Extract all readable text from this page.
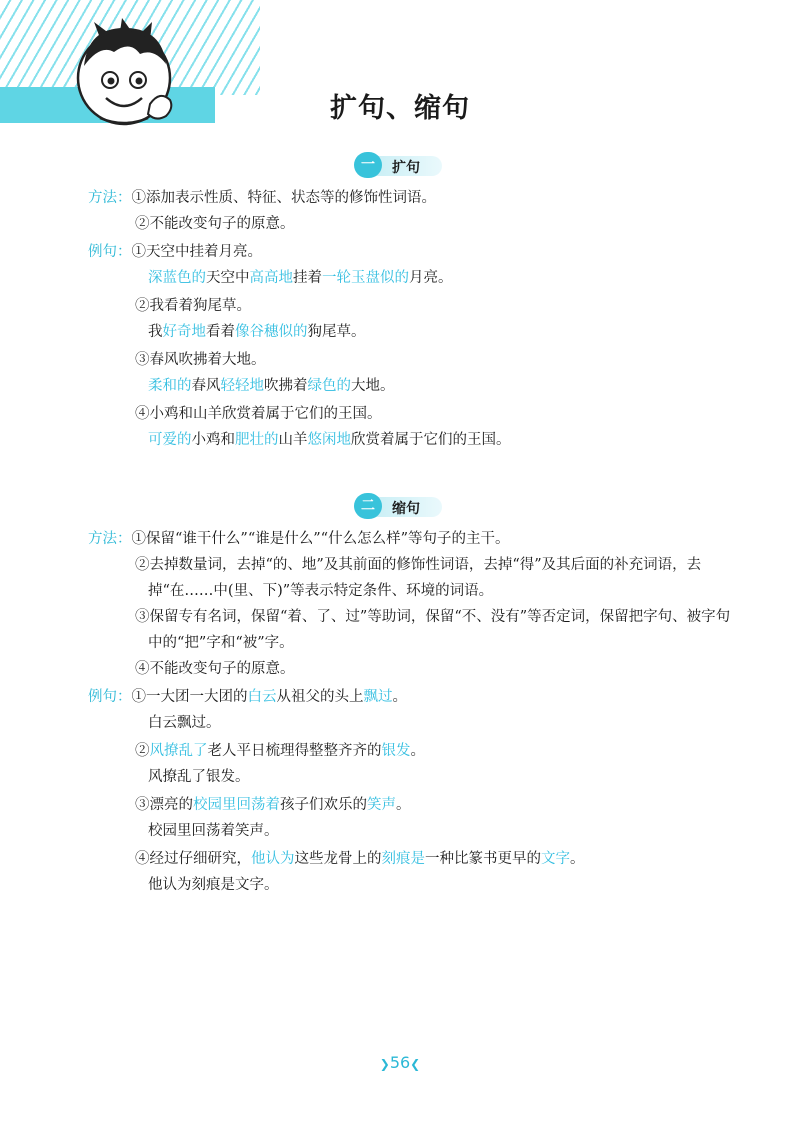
扩句、缩句
一	扩句
方法：①添加表示性质、特征、状态等的修饰性词语。
②不能改变句子的原意。
例句：①天空中挂着月亮。
深蓝色的天空中高高地挂着一轮玉盘似的月亮。
②我看着狗尾草。
我好奇地看着像谷穗似的狗尾草。
③春风吹拂着大地。
柔和的春风轻轻地吹拂着绿色的大地。
④小鸡和山羊欣赏着属于它们的王国。
可爱的小鸡和肥壮的山羊悠闲地欣赏着属于它们的王国。
二	缩句
方法：①保留“谁干什么”“谁是什么”“什么怎么样”等句子的主干。
②去掉数量词，去掉“的、地”及其前面的修饰性词语，去掉“得”及其后面的补充词语，去
掉“在……中(里、下)”等表示特定条件、环境的词语。
③保留专有名词，保留“着、了、过”等助词，保留“不、没有”等否定词，保留把字句、被字句
中的“把”字和“被”字。
④不能改变句子的原意。
例句：①一大团一大团的白云从祖父的头上飘过。
白云飘过。
②风撩乱了老人平日梳理得整整齐齐的银发。
风撩乱了银发。
③漂亮的校园里回荡着孩子们欢乐的笑声。
校园里回荡着笑声。
④经过仔细研究，他认为这些龙骨上的刻痕是一种比篆书更早的文字。
他认为刻痕是文字。
❯56❮
